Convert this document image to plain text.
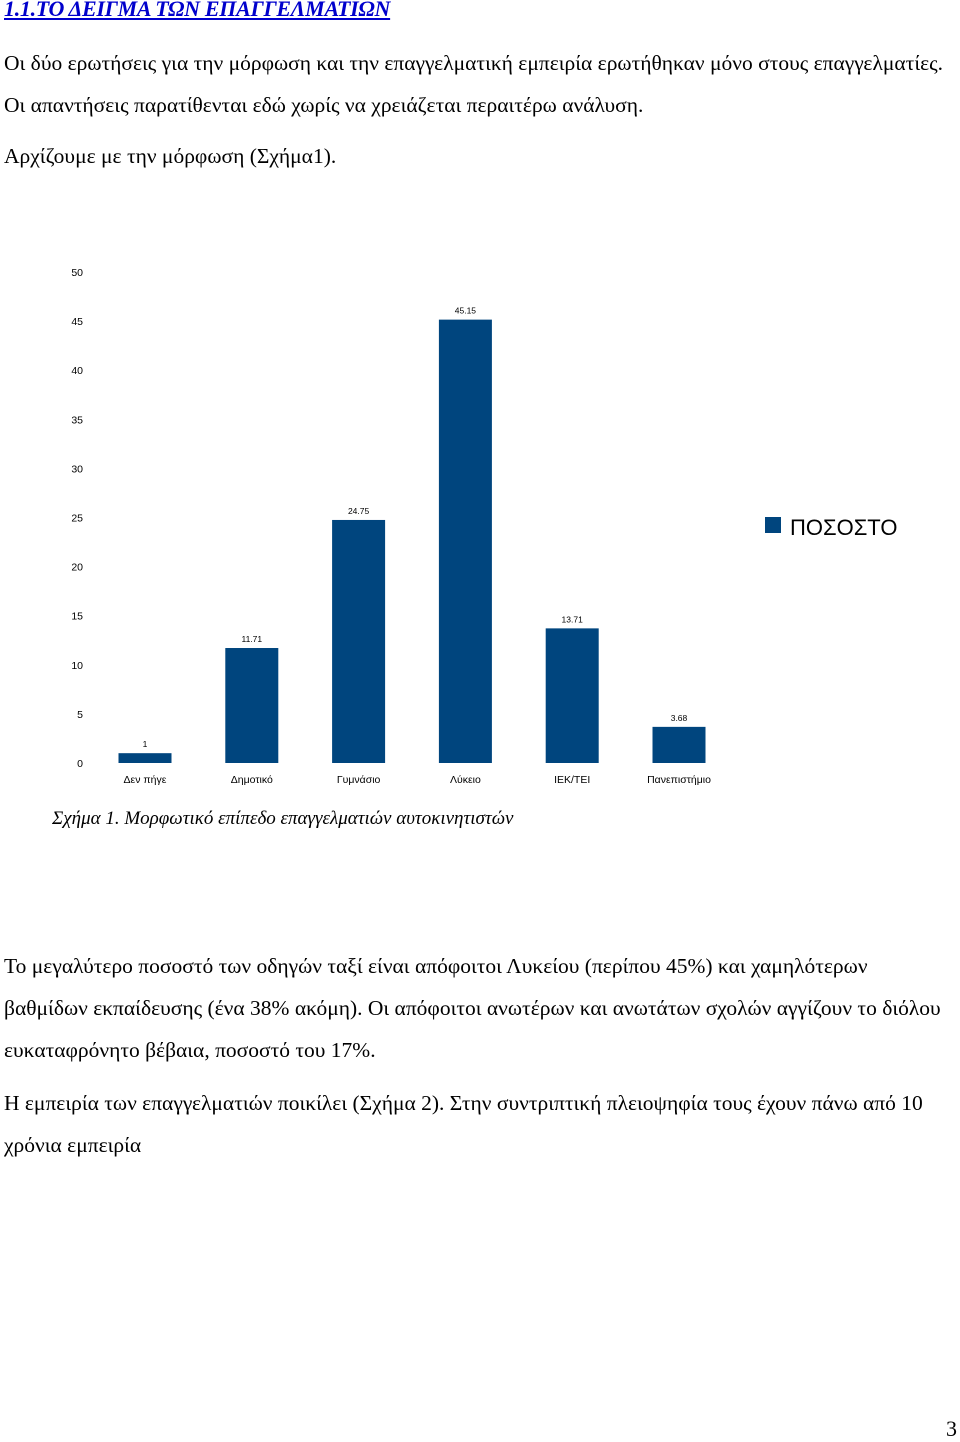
1.1.ΤΟ ΔΕΙΓΜΑ ΤΩΝ ΕΠΑΓΓΕΛΜΑΤΙΩΝ

Οι δύο ερωτήσεις για την μόρφωση και την επαγγελματική εμπειρία ερωτήθηκαν μόνο στους επαγγελματίες. Οι απαντήσεις παρατίθενται εδώ χωρίς να χρειάζεται περαιτέρω ανάλυση.

Αρχίζουμε με την μόρφωση (Σχήμα1).

0
5
10
15
20
25
30
35
40
45
50
1
11.71
24.75
45.15
13.71
3.68
Δεν πήγε	Δημοτικό	Γυμνάσιο	Λύκειο	ΙΕΚ/ΤΕΙ	Πανεπιστήμιο
ΠΟΣΟΣΤΟ
Σχήμα 1. Μορφωτικό επίπεδο επαγγελματιών αυτοκινητιστών

Το μεγαλύτερο ποσοστό των οδηγών ταξί είναι απόφοιτοι Λυκείου (περίπου 45%) και χαμηλότερων βαθμίδων εκπαίδευσης (ένα 38% ακόμη). Οι απόφοιτοι ανωτέρων και ανωτάτων σχολών αγγίζουν το διόλου ευκαταφρόνητο βέβαια, ποσοστό του 17%.

Η εμπειρία των επαγγελματιών ποικίλει (Σχήμα 2). Στην συντριπτική πλειοψηφία τους έχουν πάνω από 10 χρόνια εμπειρία

3
